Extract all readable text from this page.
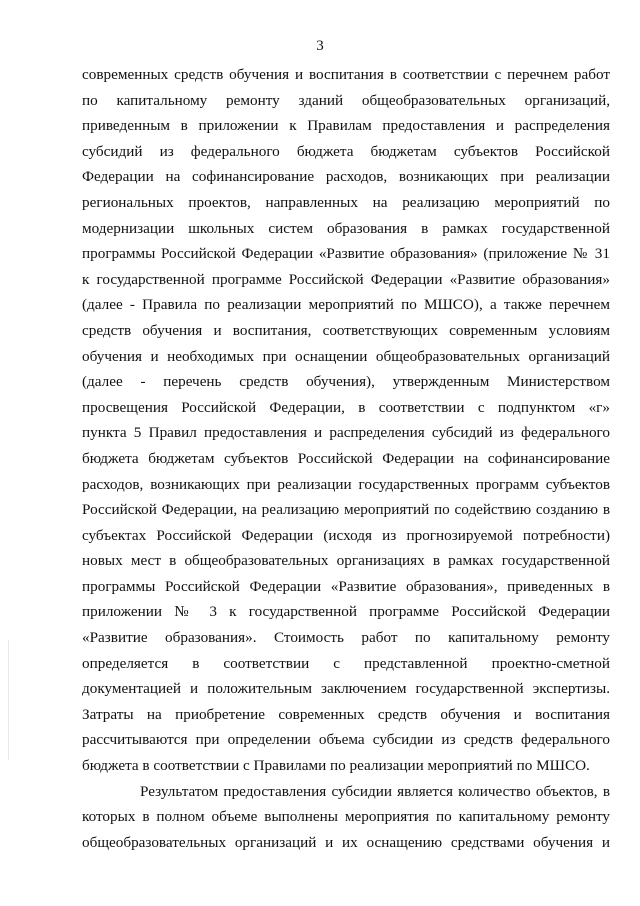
3

современных средств обучения и воспитания в соответствии с перечнем работ
по капитальному ремонту зданий общеобразовательных организаций,
приведенным в приложении к Правилам предоставления и распределения
субсидий из федерального бюджета бюджетам субъектов Российской
Федерации на софинансирование расходов, возникающих при реализации
региональных проектов, направленных на реализацию мероприятий по
модернизации школьных систем образования в рамках государственной
программы Российской Федерации «Развитие образования» (приложение № 31
к государственной программе Российской Федерации «Развитие образования»
(далее - Правила по реализации мероприятий по МШСО), а также перечнем
средств обучения и воспитания, соответствующих современным условиям
обучения и необходимых при оснащении общеобразовательных организаций
(далее - перечень средств обучения), утвержденным Министерством
просвещения Российской Федерации, в соответствии с подпунктом «г»
пункта 5 Правил предоставления и распределения субсидий из федерального
бюджета бюджетам субъектов Российской Федерации на софинансирование
расходов, возникающих при реализации государственных программ субъектов
Российской Федерации, на реализацию мероприятий по содействию созданию в
субъектах Российской Федерации (исходя из прогнозируемой потребности)
новых мест в общеобразовательных организациях в рамках государственной
программы Российской Федерации «Развитие образования», приведенных в
приложении № 3 к государственной программе Российской Федерации
«Развитие образования». Стоимость работ по капитальному ремонту
определяется в соответствии с представленной проектно-сметной
документацией и положительным заключением государственной экспертизы.
Затраты на приобретение современных средств обучения и воспитания
рассчитываются при определении объема субсидии из средств федерального
бюджета в соответствии с Правилами по реализации мероприятий по МШСО.

Результатом предоставления субсидии является количество объектов, в
которых в полном объеме выполнены мероприятия по капитальному ремонту
общеобразовательных организаций и их оснащению средствами обучения и
